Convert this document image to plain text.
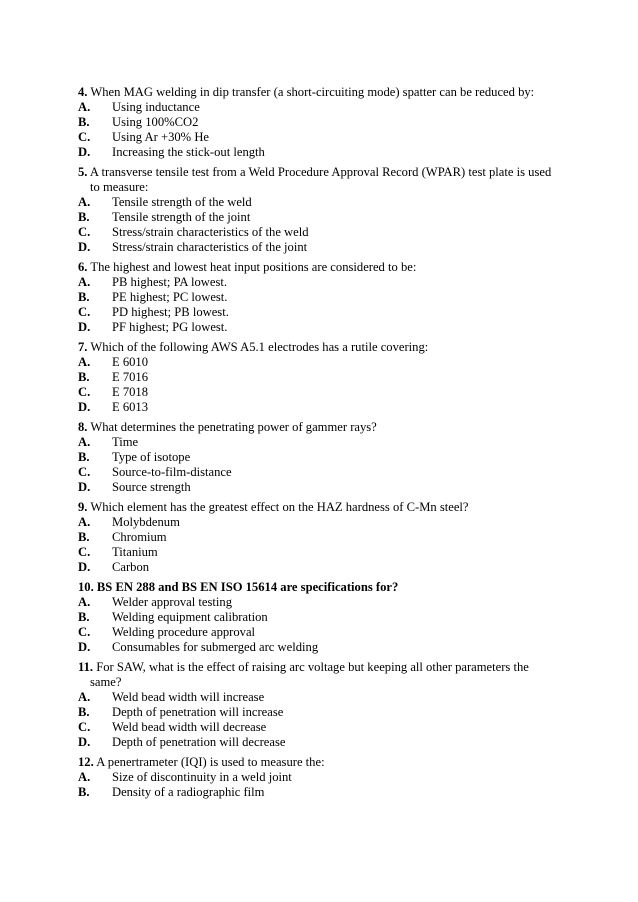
4. When MAG welding in dip transfer (a short-circuiting mode) spatter can be reduced by:
A. Using inductance
B. Using 100%CO2
C. Using Ar +30% He
D. Increasing the stick-out length
5. A transverse tensile test from a Weld Procedure Approval Record (WPAR) test plate is used to measure:
A. Tensile strength of the weld
B. Tensile strength of the joint
C. Stress/strain characteristics of the weld
D. Stress/strain characteristics of the joint
6. The highest and lowest heat input positions are considered to be:
A. PB highest; PA lowest.
B. PE highest; PC lowest.
C. PD highest; PB lowest.
D. PF highest; PG lowest.
7. Which of the following AWS A5.1 electrodes has a rutile covering:
A. E 6010
B. E 7016
C. E 7018
D. E 6013
8. What determines the penetrating power of gammer rays?
A. Time
B. Type of isotope
C. Source-to-film-distance
D. Source strength
9. Which element has the greatest effect on the HAZ hardness of C-Mn steel?
A. Molybdenum
B. Chromium
C. Titanium
D. Carbon
10. BS EN 288 and BS EN ISO 15614 are specifications for?
A. Welder approval testing
B. Welding equipment calibration
C. Welding procedure approval
D. Consumables for submerged arc welding
11. For SAW, what is the effect of raising arc voltage but keeping all other parameters the same?
A. Weld bead width will increase
B. Depth of penetration will increase
C. Weld bead width will decrease
D. Depth of penetration will decrease
12. A penertrameter (IQI) is used to measure the:
A. Size of discontinuity in a weld joint
B. Density of a radiographic film
